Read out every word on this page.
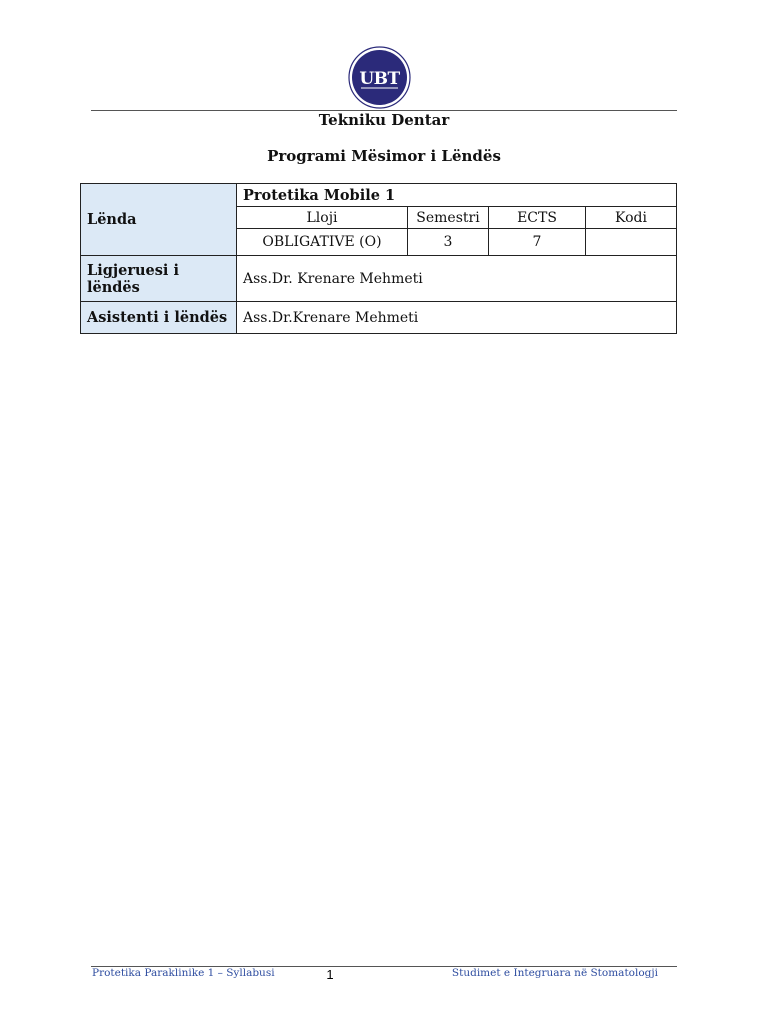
UBT
Tekniku Dentar
Programi Mësimor i Lëndës
Lënda	Protetika Mobile 1			
	Lloji	Semestri	ECTS	Kodi
	OBLIGATIVE (O)	3	7	
Ligjeruesi i lëndës	Ass.Dr. Krenare Mehmeti			
Asistenti i lëndës	Ass.Dr.Krenare Mehmeti			
Protetika Paraklinike 1 – Syllabusi	1	Studimet e Integruara në Stomatologji
